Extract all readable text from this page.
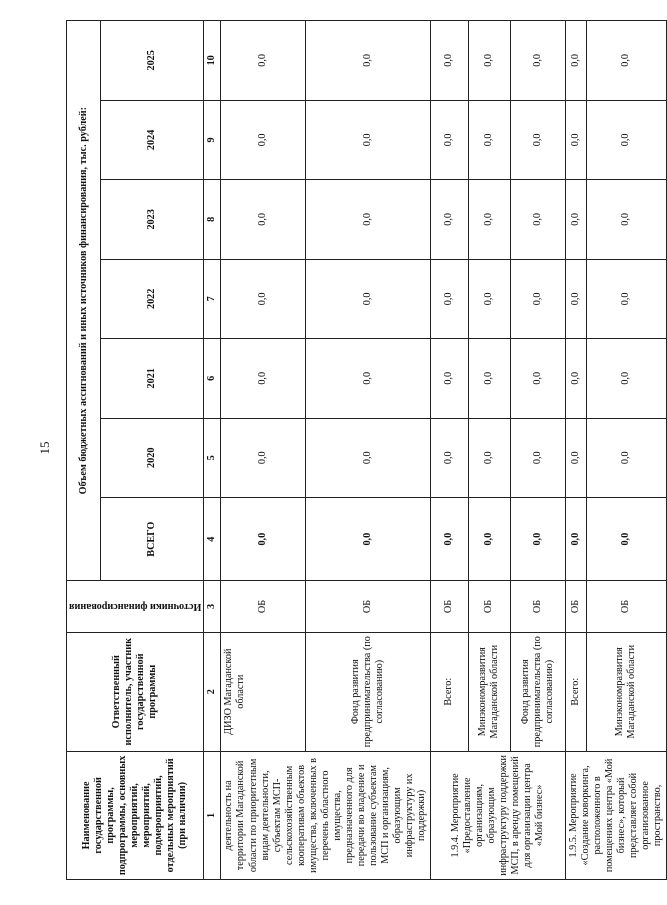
15
Наименование государственной программы, подпрограммы, основных мероприятий, мероприятий, подмероприятий, отдельных мероприятий (при наличии)	Ответственный исполнитель, участник государственной программы	Источники финансирования	Объем бюджетных ассигнований и иных источников финансирования, тыс. рублей:						
			ВСЕГО	2020	2021	2022	2023	2024	2025
1	2	3	4	5	6	7	8	9	10
деятельность на территории Магаданской области по приоритетным видам деятельности, субъектам МСП- сельскохозяйственным кооперативам объектов имущества, включенных в перечень областного имущества, предназначенного для передачи во владение и пользование субъектам МСП и организациям, образующим инфраструктуру их поддержки)	ДИЗО Магаданской области	ОБ	0,0	0,0	0,0	0,0	0,0	0,0	0,0
	Фонд развития предпринимательства (по согласованию)	ОБ	0,0	0,0	0,0	0,0	0,0	0,0	0,0
1.9.4. Мероприятие «Предоставление организациям, образующим инфраструктуру поддержки МСП, в аренду помещений для организации центра «Мой бизнес»	Всего:	ОБ	0,0	0,0	0,0	0,0	0,0	0,0	0,0
	Минэкономразвития Магаданской области	ОБ	0,0	0,0	0,0	0,0	0,0	0,0	0,0
	Фонд развития предпринимательства (по согласованию)	ОБ	0,0	0,0	0,0	0,0	0,0	0,0	0,0
1.9.5. Мероприятие «Создание коворкинга, расположенного в помещениях центра «Мой бизнес», который представляет собой организованное пространство,	Всего:	ОБ	0,0	0,0	0,0	0,0	0,0	0,0	0,0
	Минэкономразвития Магаданской области	ОБ	0,0	0,0	0,0	0,0	0,0	0,0	0,0
